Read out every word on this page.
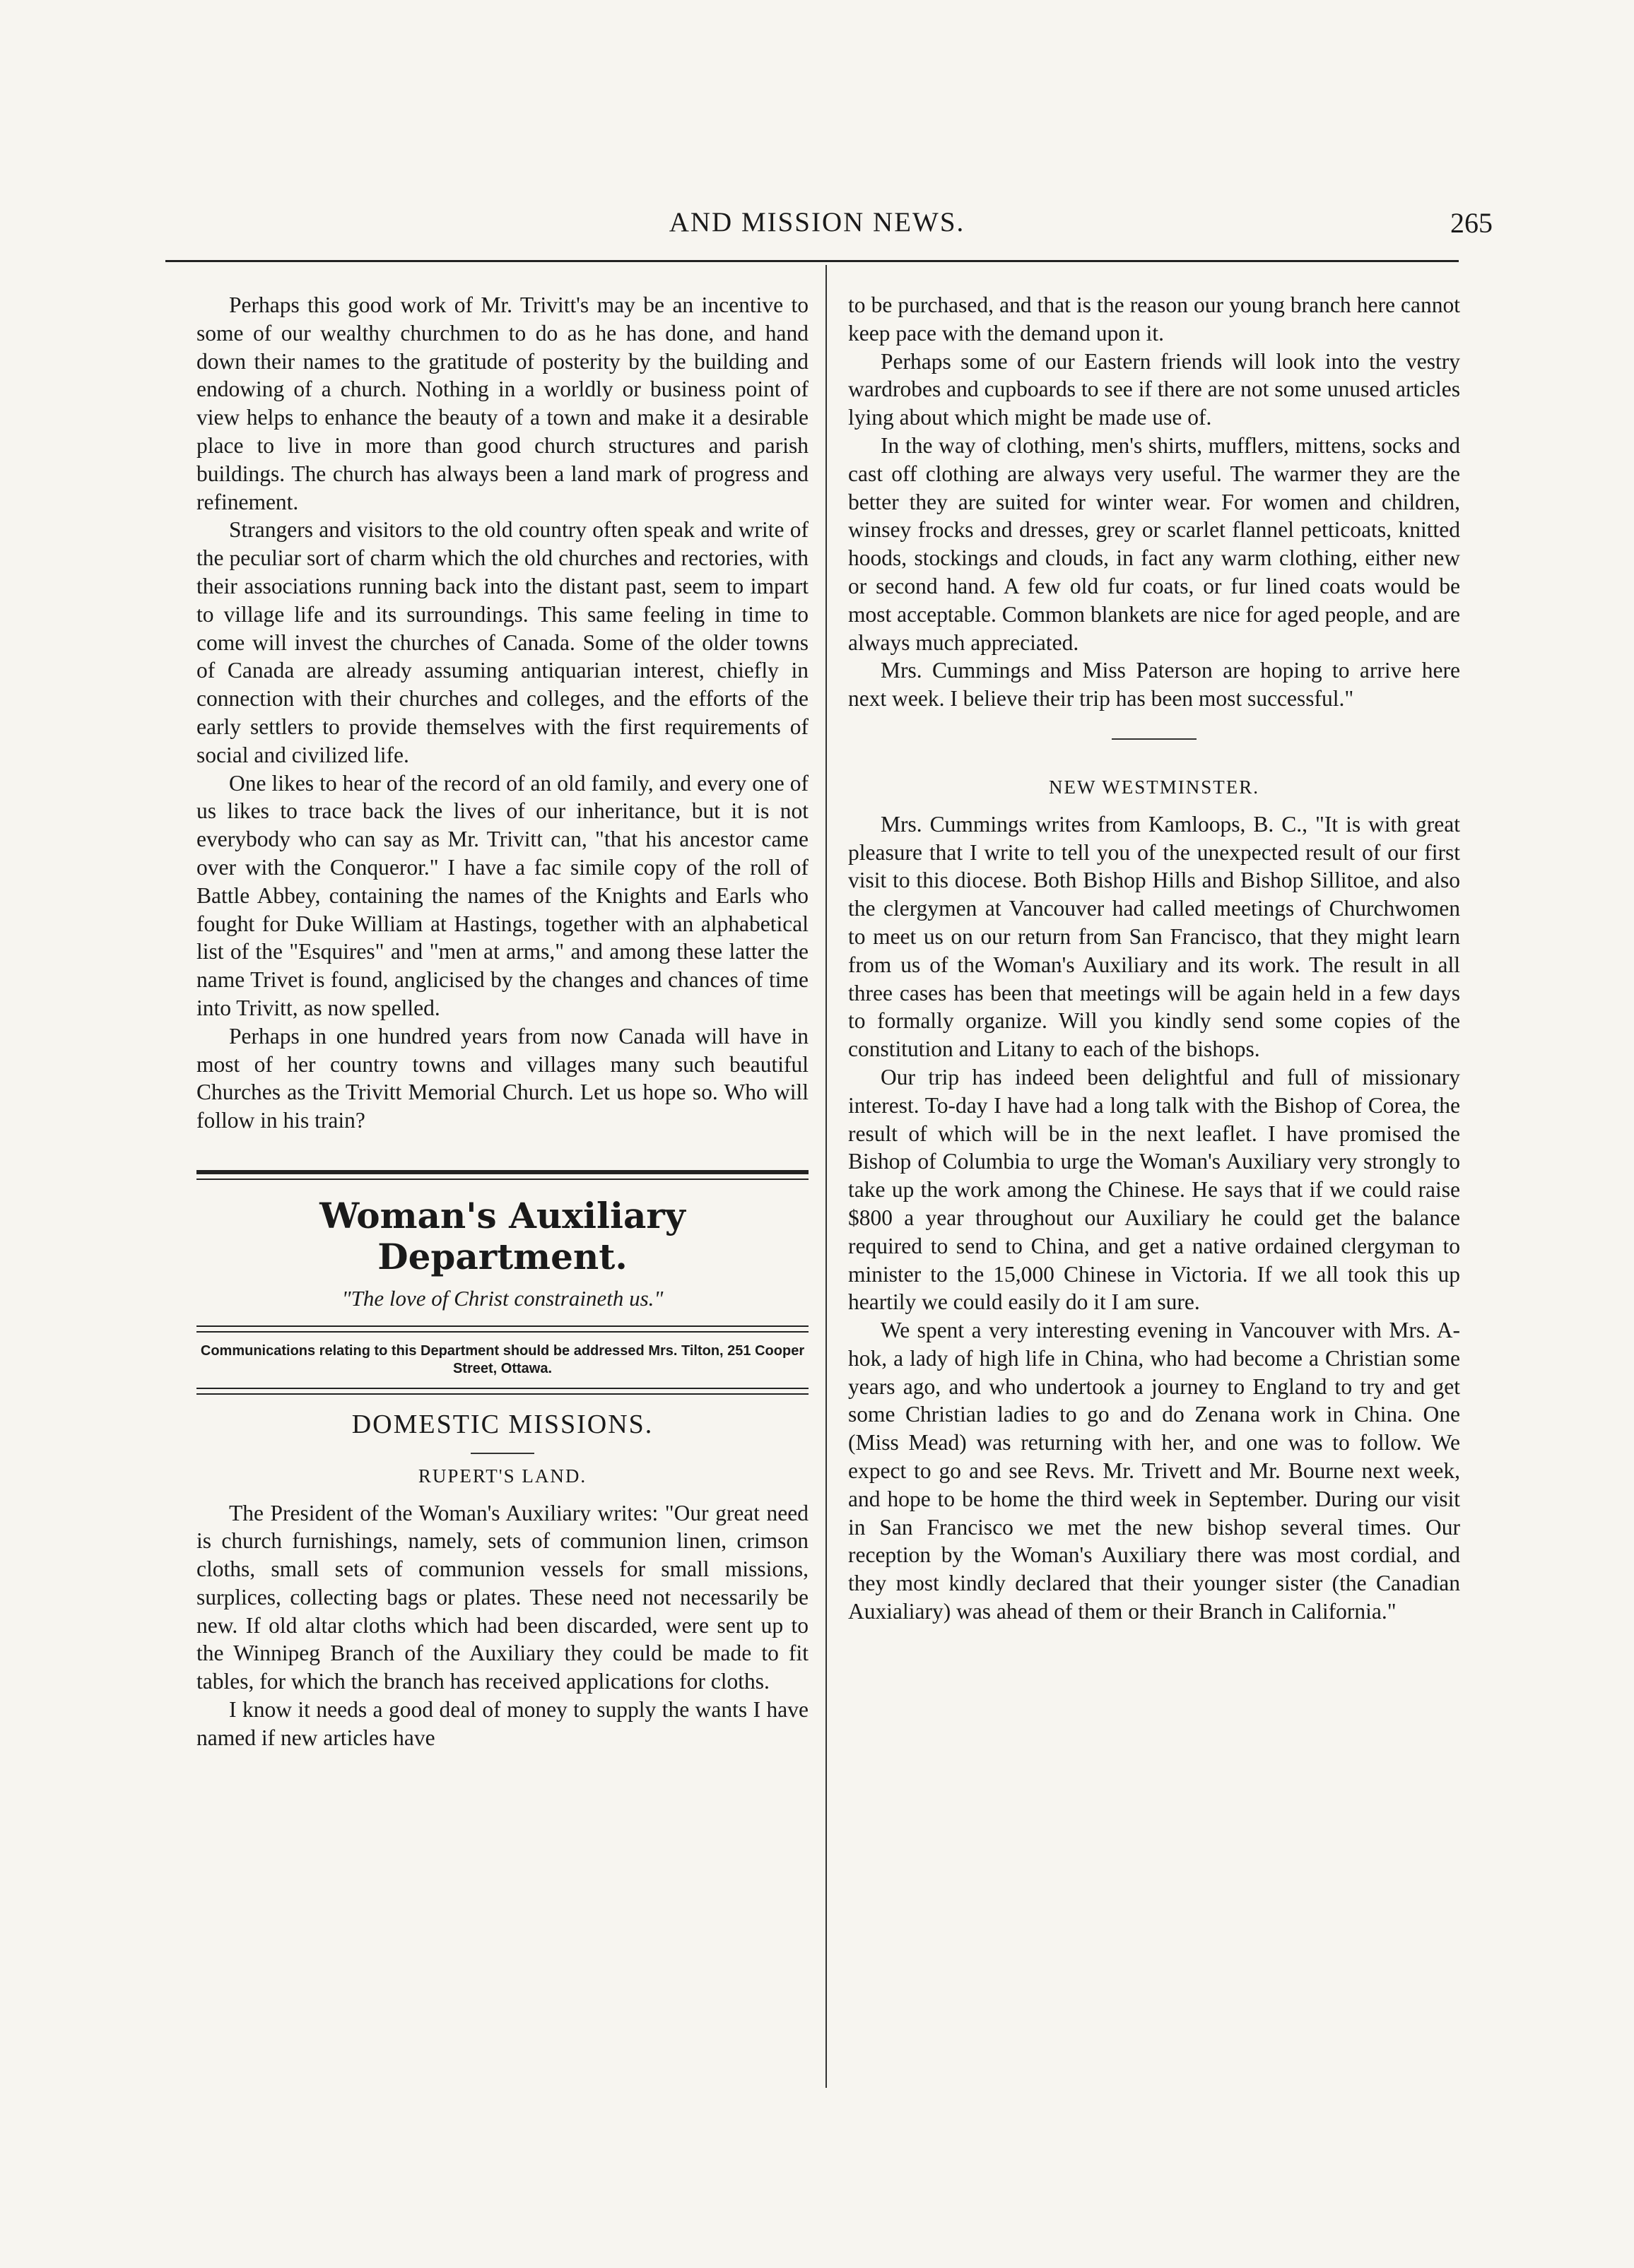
AND MISSION NEWS.	265

Perhaps this good work of Mr. Trivitt's may be an incentive to some of our wealthy churchmen to do as he has done, and hand down their names to the gratitude of posterity by the building and endowing of a church. Nothing in a worldly or business point of view helps to enhance the beauty of a town and make it a desirable place to live in more than good church structures and parish buildings. The church has always been a land mark of progress and refinement.

Strangers and visitors to the old country often speak and write of the peculiar sort of charm which the old churches and rectories, with their associations running back into the distant past, seem to impart to village life and its surroundings. This same feeling in time to come will invest the churches of Canada. Some of the older towns of Canada are already assuming antiquarian interest, chiefly in connection with their churches and colleges, and the efforts of the early settlers to provide themselves with the first requirements of social and civilized life.

One likes to hear of the record of an old family, and every one of us likes to trace back the lives of our inheritance, but it is not everybody who can say as Mr. Trivitt can, "that his ancestor came over with the Conqueror." I have a fac simile copy of the roll of Battle Abbey, containing the names of the Knights and Earls who fought for Duke William at Hastings, together with an alphabetical list of the "Esquires" and "men at arms," and among these latter the name Trivet is found, anglicised by the changes and chances of time into Trivitt, as now spelled.

Perhaps in one hundred years from now Canada will have in most of her country towns and villages many such beautiful Churches as the Trivitt Memorial Church. Let us hope so. Who will follow in his train?

Woman's Auxiliary Department.

"The love of Christ constraineth us."

Communications relating to this Department should be addressed Mrs. Tilton, 251 Cooper Street, Ottawa.

DOMESTIC MISSIONS.

RUPERT'S LAND.

The President of the Woman's Auxiliary writes: "Our great need is church furnishings, namely, sets of communion linen, crimson cloths, small sets of communion vessels for small missions, surplices, collecting bags or plates. These need not necessarily be new. If old altar cloths which had been discarded, were sent up to the Winnipeg Branch of the Auxiliary they could be made to fit tables, for which the branch has received applications for cloths.

I know it needs a good deal of money to supply the wants I have named if new articles have

to be purchased, and that is the reason our young branch here cannot keep pace with the demand upon it.

Perhaps some of our Eastern friends will look into the vestry wardrobes and cupboards to see if there are not some unused articles lying about which might be made use of.

In the way of clothing, men's shirts, mufflers, mittens, socks and cast off clothing are always very useful. The warmer they are the better they are suited for winter wear. For women and children, winsey frocks and dresses, grey or scarlet flannel petticoats, knitted hoods, stockings and clouds, in fact any warm clothing, either new or second hand. A few old fur coats, or fur lined coats would be most acceptable. Common blankets are nice for aged people, and are always much appreciated.

Mrs. Cummings and Miss Paterson are hoping to arrive here next week. I believe their trip has been most successful."

NEW WESTMINSTER.

Mrs. Cummings writes from Kamloops, B. C., "It is with great pleasure that I write to tell you of the unexpected result of our first visit to this diocese. Both Bishop Hills and Bishop Sillitoe, and also the clergymen at Vancouver had called meetings of Churchwomen to meet us on our return from San Francisco, that they might learn from us of the Woman's Auxiliary and its work. The result in all three cases has been that meetings will be again held in a few days to formally organize. Will you kindly send some copies of the constitution and Litany to each of the bishops.

Our trip has indeed been delightful and full of missionary interest. To-day I have had a long talk with the Bishop of Corea, the result of which will be in the next leaflet. I have promised the Bishop of Columbia to urge the Woman's Auxiliary very strongly to take up the work among the Chinese. He says that if we could raise $800 a year throughout our Auxiliary he could get the balance required to send to China, and get a native ordained clergyman to minister to the 15,000 Chinese in Victoria. If we all took this up heartily we could easily do it I am sure.

We spent a very interesting evening in Vancouver with Mrs. A-hok, a lady of high life in China, who had become a Christian some years ago, and who undertook a journey to England to try and get some Christian ladies to go and do Zenana work in China. One (Miss Mead) was returning with her, and one was to follow. We expect to go and see Revs. Mr. Trivett and Mr. Bourne next week, and hope to be home the third week in September. During our visit in San Francisco we met the new bishop several times. Our reception by the Woman's Auxiliary there was most cordial, and they most kindly declared that their younger sister (the Canadian Auxialiary) was ahead of them or their Branch in California."
